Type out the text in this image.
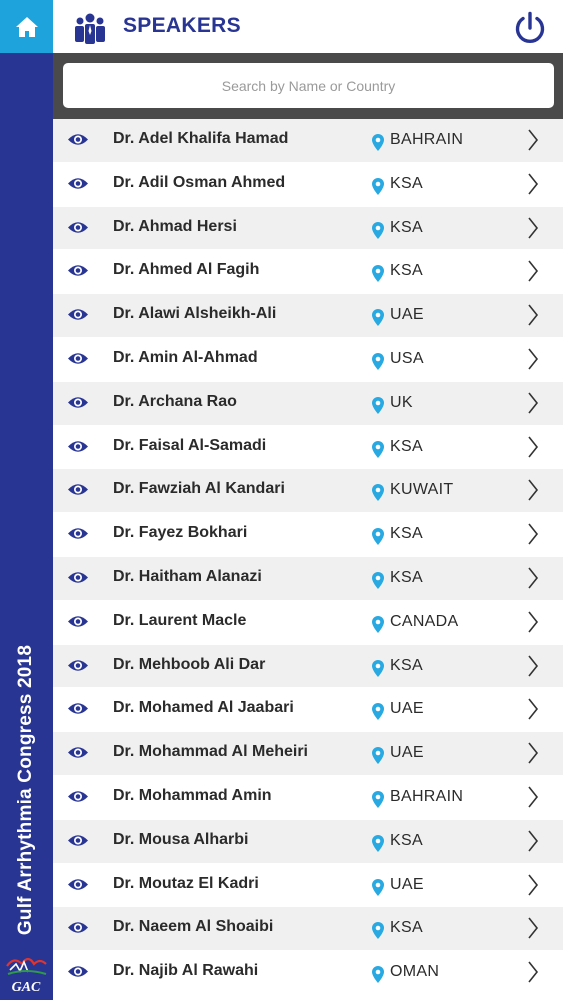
Gulf Arrhythmia Congress 2018
GAC
SPEAKERS
Search by Name or Country
Dr. Adel Khalifa Hamad	BAHRAIN
Dr. Adil Osman Ahmed	KSA
Dr. Ahmad Hersi	KSA
Dr. Ahmed Al Fagih	KSA
Dr. Alawi Alsheikh-Ali	UAE
Dr. Amin Al-Ahmad	USA
Dr. Archana Rao	UK
Dr. Faisal Al-Samadi	KSA
Dr. Fawziah Al Kandari	KUWAIT
Dr. Fayez Bokhari	KSA
Dr. Haitham Alanazi	KSA
Dr. Laurent Macle	CANADA
Dr. Mehboob Ali Dar	KSA
Dr. Mohamed Al Jaabari	UAE
Dr. Mohammad Al Meheiri	UAE
Dr. Mohammad Amin	BAHRAIN
Dr. Mousa Alharbi	KSA
Dr. Moutaz El Kadri	UAE
Dr. Naeem Al Shoaibi	KSA
Dr. Najib Al Rawahi	OMAN
